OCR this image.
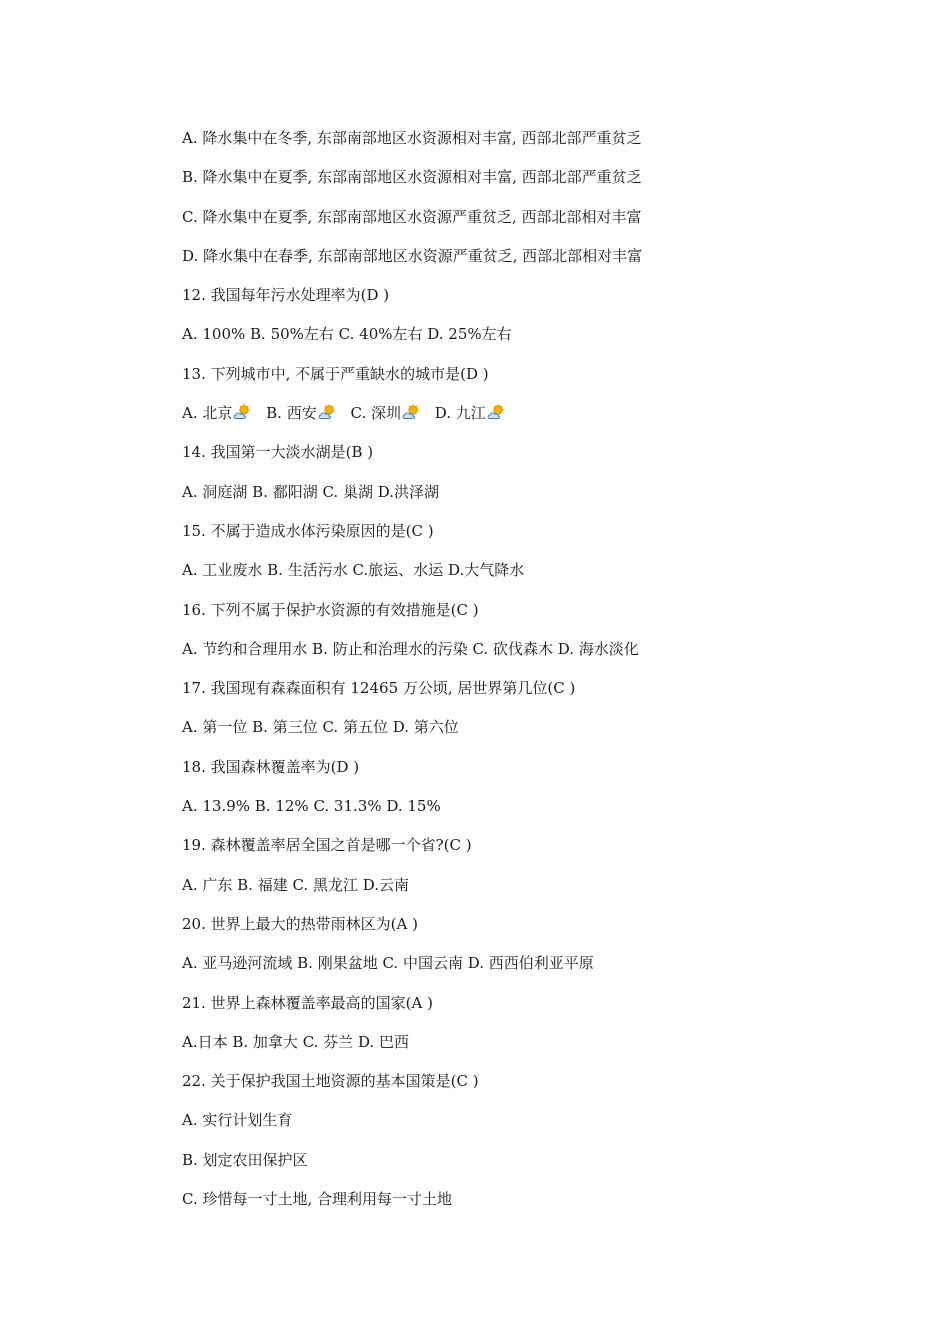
A. 降水集中在冬季, 东部南部地区水资源相对丰富, 西部北部严重贫乏
B. 降水集中在夏季, 东部南部地区水资源相对丰富, 西部北部严重贫乏
C. 降水集中在夏季, 东部南部地区水资源严重贫乏, 西部北部相对丰富
D. 降水集中在春季, 东部南部地区水资源严重贫乏, 西部北部相对丰富
12. 我国每年污水处理率为(D )
A. 100% B. 50%左右 C. 40%左右 D. 25%左右
13. 下列城市中, 不属于严重缺水的城市是(D )
A. 北京 B. 西安 C. 深圳 D. 九江
14. 我国第一大淡水湖是(B )
A. 洞庭湖 B. 鄱阳湖 C. 巢湖 D.洪泽湖
15. 不属于造成水体污染原因的是(C )
A. 工业废水 B. 生活污水 C.旅运、水运 D.大气降水
16. 下列不属于保护水资源的有效措施是(C )
A. 节约和合理用水 B. 防止和治理水的污染 C. 砍伐森木 D. 海水淡化
17. 我国现有森森面积有 12465 万公顷, 居世界第几位(C )
A. 第一位 B. 第三位 C. 第五位 D. 第六位
18. 我国森林覆盖率为(D )
A. 13.9% B. 12% C. 31.3% D. 15%
19. 森林覆盖率居全国之首是哪一个省?(C )
A. 广东 B. 福建 C. 黑龙江 D.云南
20. 世界上最大的热带雨林区为(A )
A. 亚马逊河流域 B. 刚果盆地 C. 中国云南 D. 西西伯利亚平原
21. 世界上森林覆盖率最高的国家(A )
A.日本 B. 加拿大 C. 芬兰 D. 巴西
22. 关于保护我国土地资源的基本国策是(C )
A. 实行计划生育
B. 划定农田保护区
C. 珍惜每一寸土地, 合理利用每一寸土地
